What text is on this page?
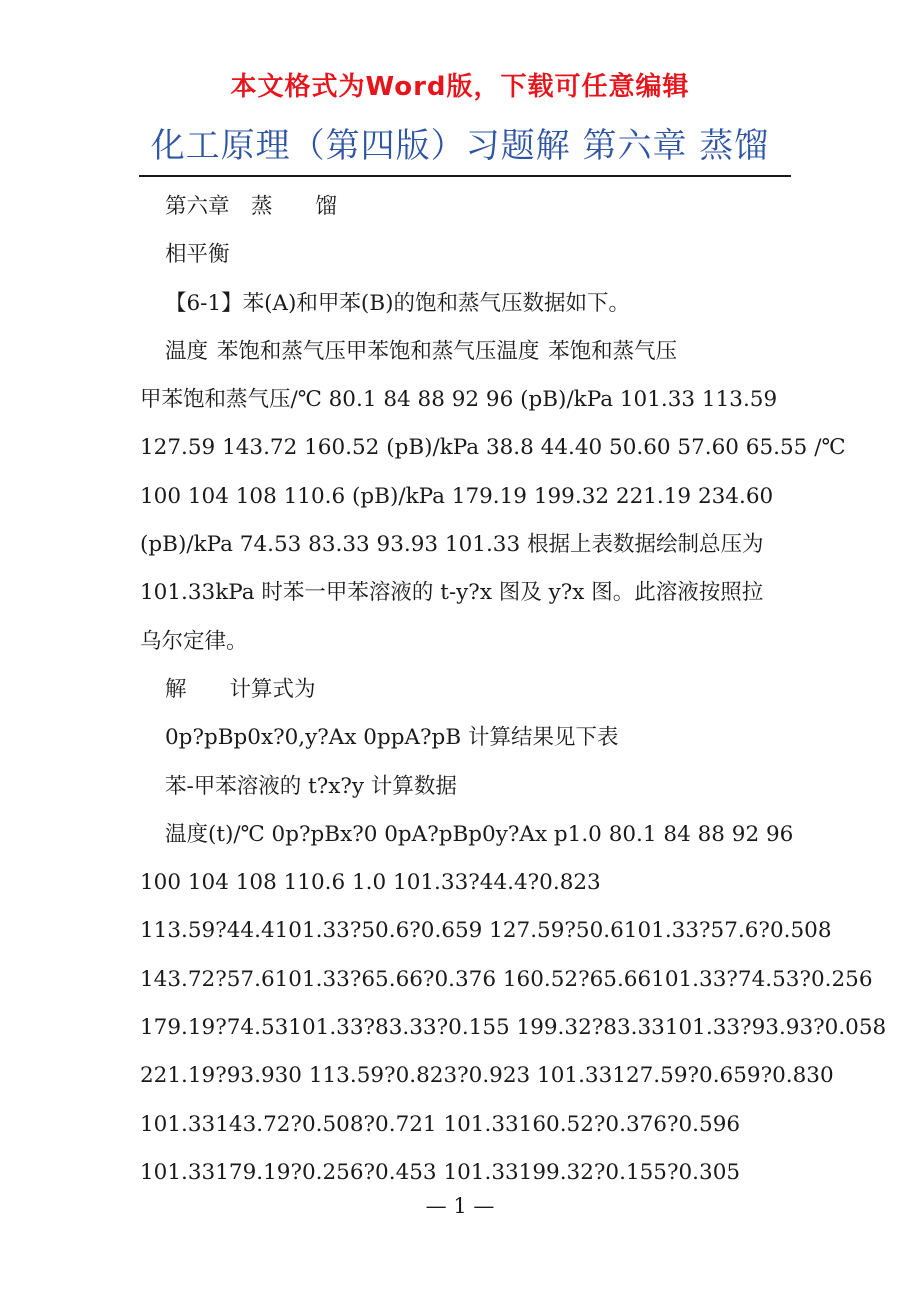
本文格式为Word版，下载可任意编辑
化工原理（第四版）习题解 第六章 蒸馏
第六章　蒸　　馏
相平衡
【6-1】苯(A)和甲苯(B)的饱和蒸气压数据如下。
温度 苯饱和蒸气压甲苯饱和蒸气压温度 苯饱和蒸气压
甲苯饱和蒸气压/℃ 80.1 84 88 92 96 (pB)/kPa 101.33 113.59
127.59 143.72 160.52 (pB)/kPa 38.8 44.40 50.60 57.60 65.55 /℃
100 104 108 110.6 (pB)/kPa 179.19 199.32 221.19 234.60
(pB)/kPa 74.53 83.33 93.93 101.33 根据上表数据绘制总压为
101.33kPa 时苯一甲苯溶液的 t-y?x 图及 y?x 图。此溶液按照拉
乌尔定律。
解　　计算式为
0p?pBp0x?0,y?Ax 0ppA?pB 计算结果见下表
苯-甲苯溶液的 t?x?y 计算数据
温度(t)/℃ 0p?pBx?0 0pA?pBp0y?Ax p1.0 80.1 84 88 92 96
100 104 108 110.6 1.0 101.33?44.4?0.823
113.59?44.4101.33?50.6?0.659 127.59?50.6101.33?57.6?0.508
143.72?57.6101.33?65.66?0.376 160.52?65.66101.33?74.53?0.256
179.19?74.53101.33?83.33?0.155 199.32?83.33101.33?93.93?0.058
221.19?93.930 113.59?0.823?0.923 101.33127.59?0.659?0.830
101.33143.72?0.508?0.721 101.33160.52?0.376?0.596
101.33179.19?0.256?0.453 101.33199.32?0.155?0.305
— 1 —
